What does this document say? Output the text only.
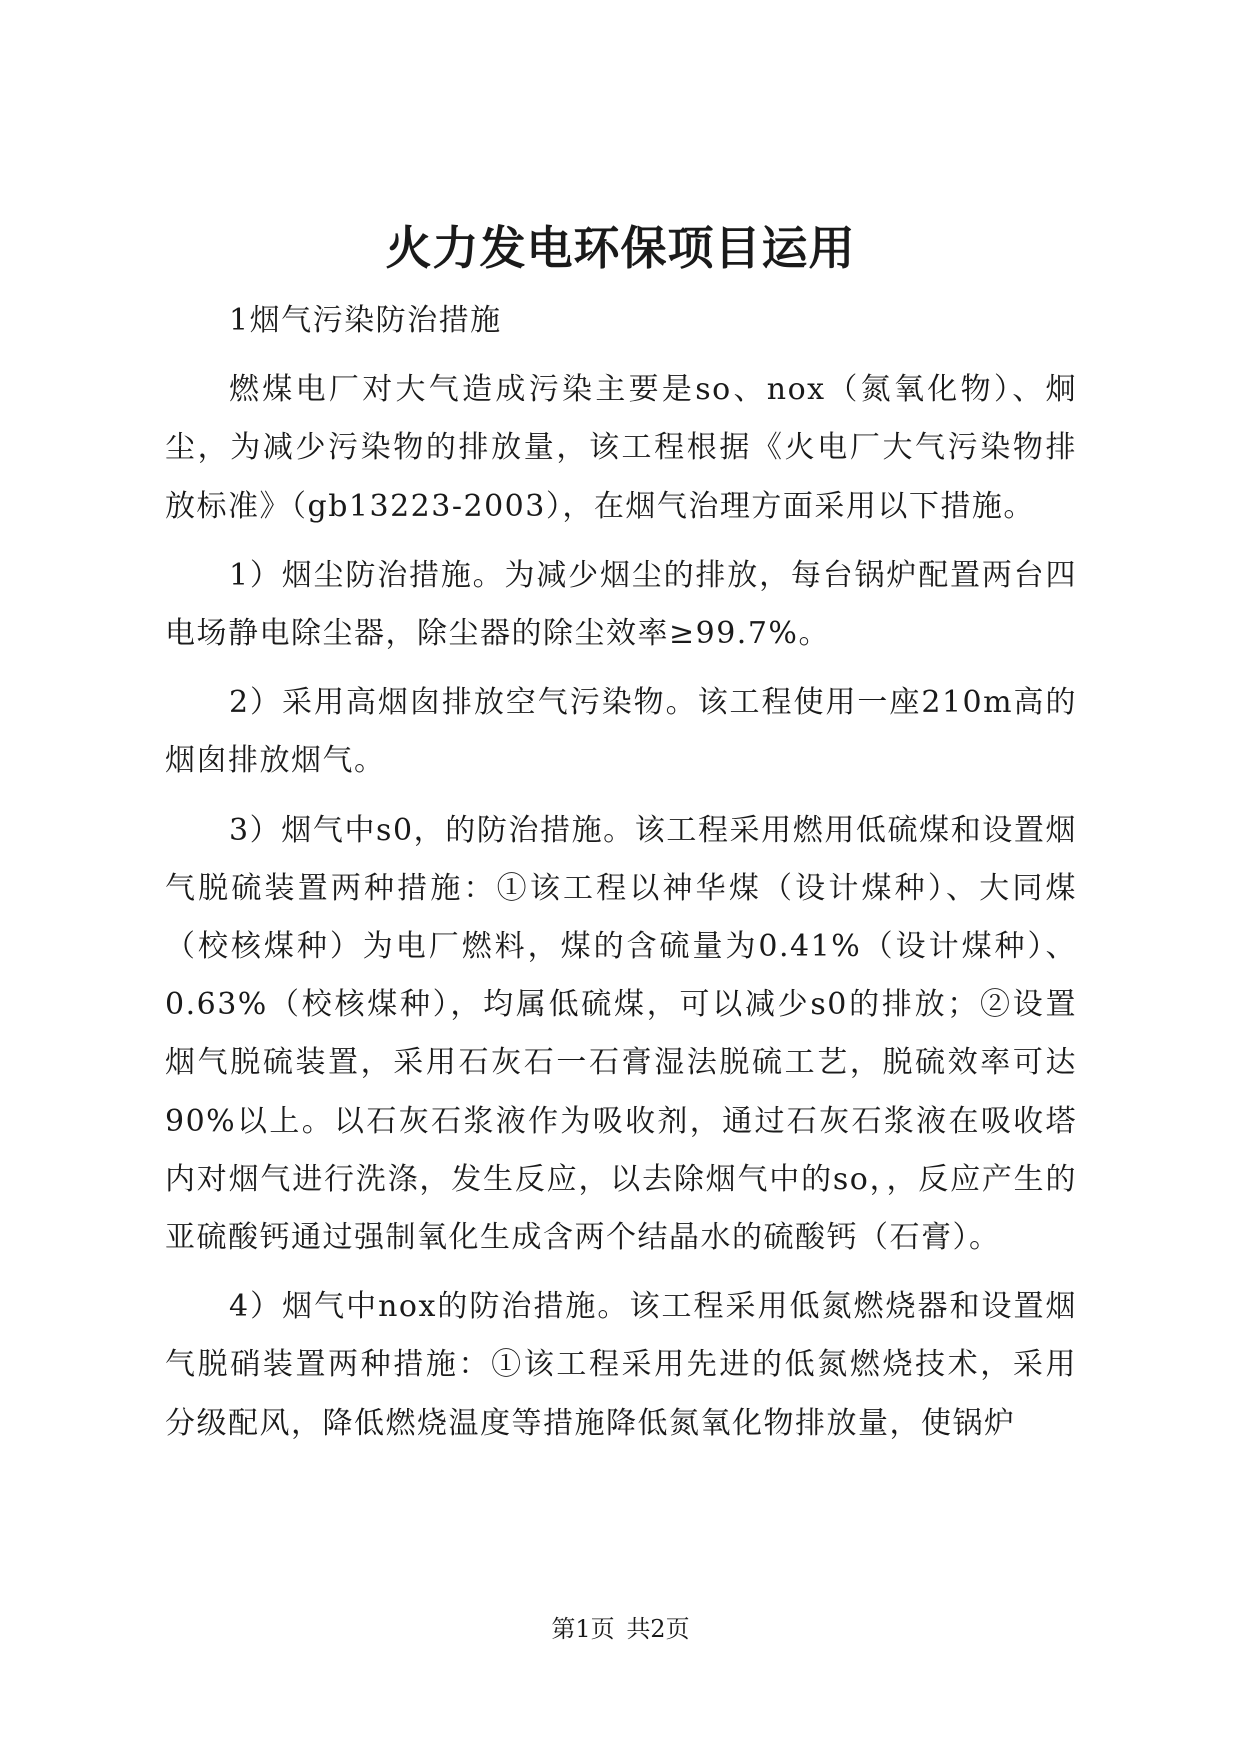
火力发电环保项目运用

1烟气污染防治措施

燃煤电厂对大气造成污染主要是so、nox（氮氧化物）、炯尘，为减少污染物的排放量，该工程根据《火电厂大气污染物排放标准》（gb13223-2003），在烟气治理方面采用以下措施。

1）烟尘防治措施。为减少烟尘的排放，每台锅炉配置两台四电场静电除尘器，除尘器的除尘效率≥99.7%。

2）采用高烟囱排放空气污染物。该工程使用一座210m高的烟囱排放烟气。

3）烟气中s0，的防治措施。该工程采用燃用低硫煤和设置烟气脱硫装置两种措施：①该工程以神华煤（设计煤种）、大同煤（校核煤种）为电厂燃料，煤的含硫量为0.41%（设计煤种）、0.63%（校核煤种），均属低硫煤，可以减少s0的排放；②设置烟气脱硫装置，采用石灰石一石膏湿法脱硫工艺，脱硫效率可达90%以上。以石灰石浆液作为吸收剂，通过石灰石浆液在吸收塔内对烟气进行洗涤，发生反应，以去除烟气中的so，，反应产生的亚硫酸钙通过强制氧化生成含两个结晶水的硫酸钙（石膏）。

4）烟气中nox的防治措施。该工程采用低氮燃烧器和设置烟气脱硝装置两种措施：①该工程采用先进的低氮燃烧技术，采用分级配风，降低燃烧温度等措施降低氮氧化物排放量，使锅炉

第1页 共2页
